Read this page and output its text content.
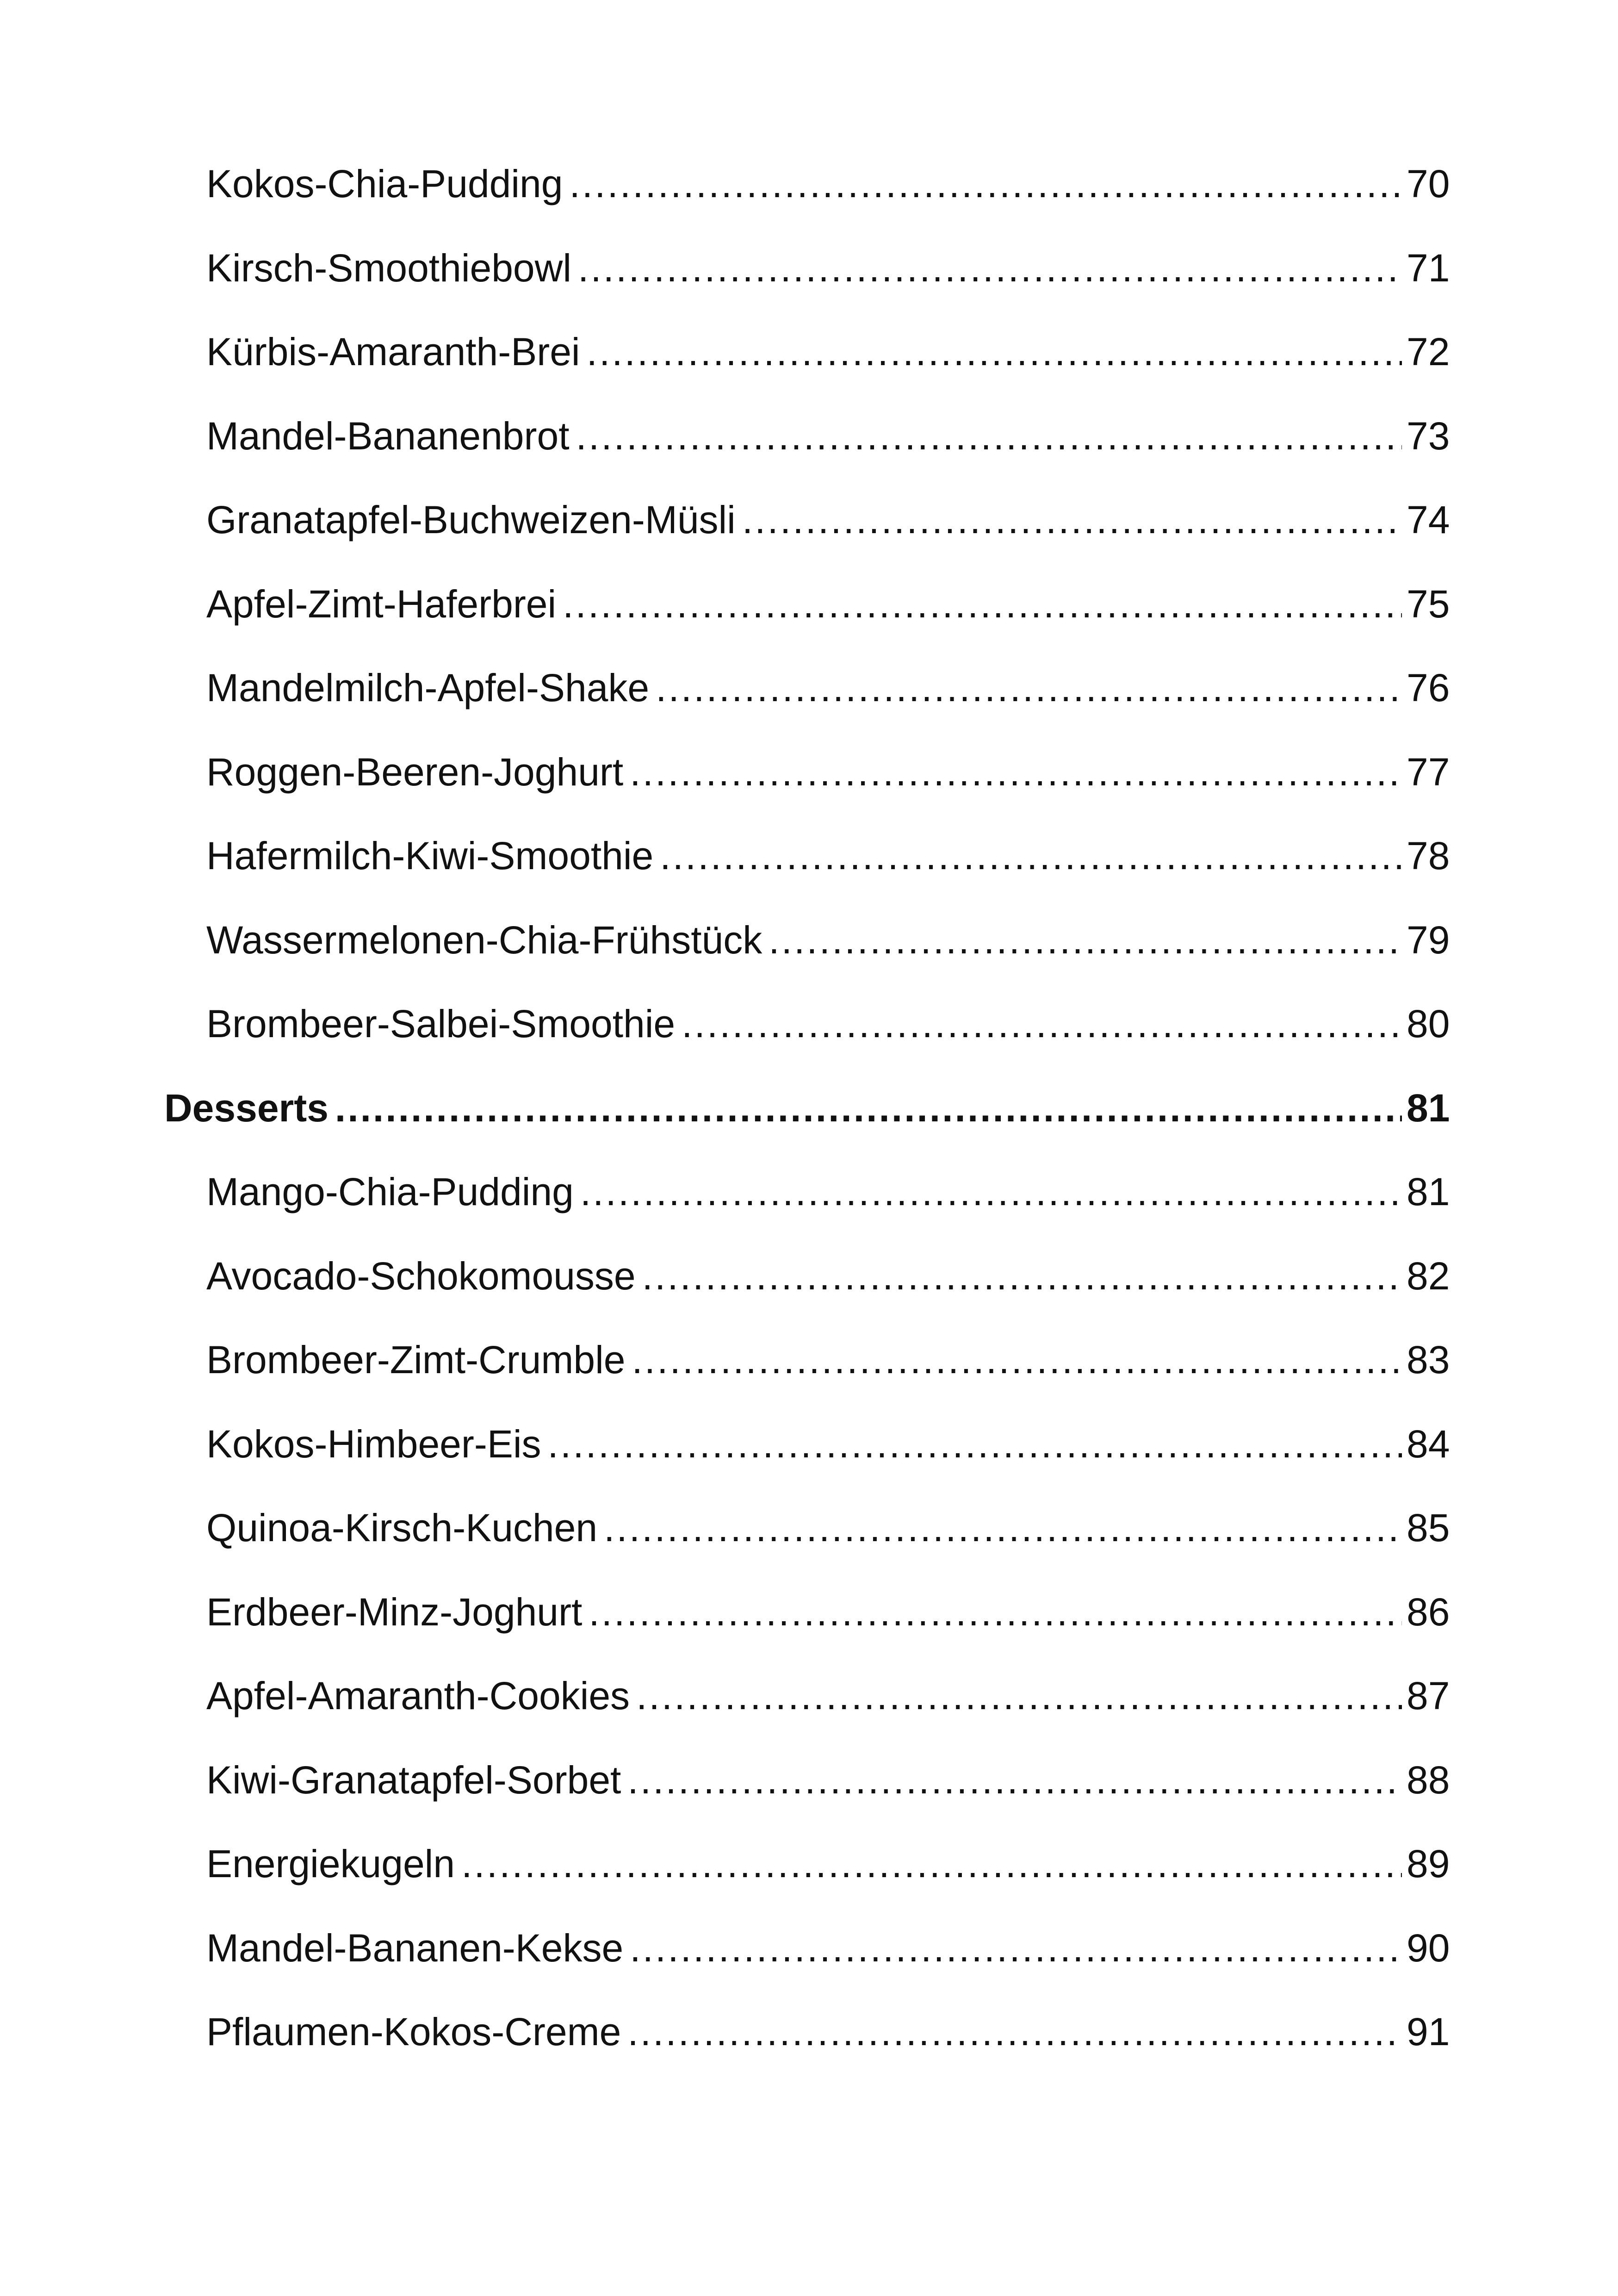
Kokos-Chia-Pudding .....	70
Kirsch-Smoothiebowl .....	71
Kürbis-Amaranth-Brei .....	72
Mandel-Bananenbrot .....	73
Granatapfel-Buchweizen-Müsli .....	74
Apfel-Zimt-Haferbrei .....	75
Mandelmilch-Apfel-Shake .....	76
Roggen-Beeren-Joghurt .....	77
Hafermilch-Kiwi-Smoothie .....	78
Wassermelonen-Chia-Frühstück .....	79
Brombeer-Salbei-Smoothie .....	80
Desserts .....	81
Mango-Chia-Pudding .....	81
Avocado-Schokomousse .....	82
Brombeer-Zimt-Crumble .....	83
Kokos-Himbeer-Eis .....	84
Quinoa-Kirsch-Kuchen .....	85
Erdbeer-Minz-Joghurt .....	86
Apfel-Amaranth-Cookies .....	87
Kiwi-Granatapfel-Sorbet .....	88
Energiekugeln .....	89
Mandel-Bananen-Kekse .....	90
Pflaumen-Kokos-Creme .....	91
